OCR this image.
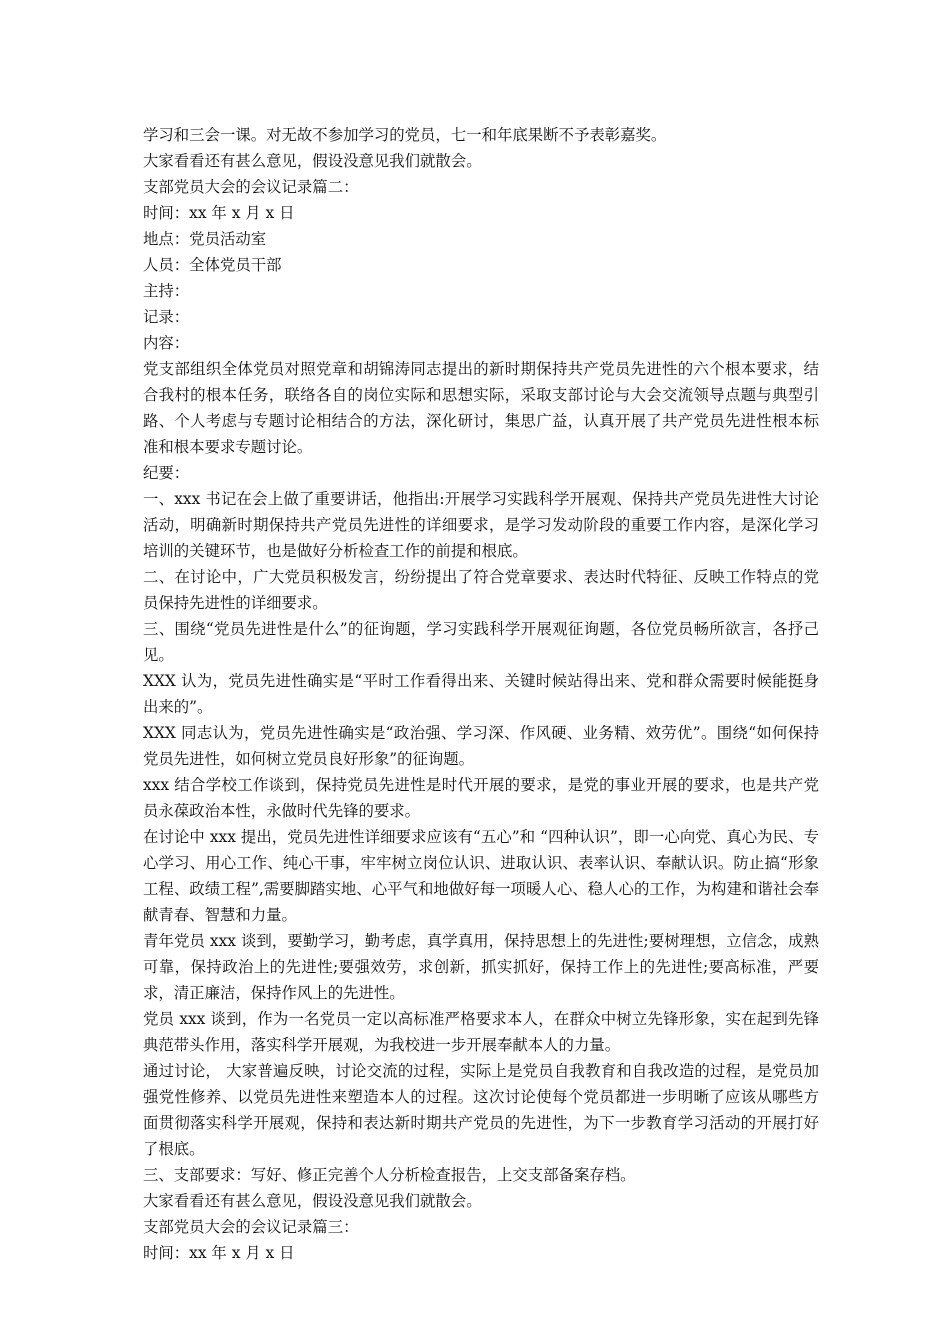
学习和三会一课。对无故不参加学习的党员，七一和年底果断不予表彰嘉奖。

大家看看还有甚么意见，假设没意见我们就散会。

支部党员大会的会议记录篇二：

时间：xx 年 x 月 x 日

地点：党员活动室

人员：全体党员干部

主持：

记录：

内容：

党支部组织全体党员对照党章和胡锦涛同志提出的新时期保持共产党员先进性的六个根本要求，结合我村的根本任务，联络各自的岗位实际和思想实际，采取支部讨论与大会交流领导点题与典型引路、个人考虑与专题讨论相结合的方法，深化研讨，集思广益，认真开展了共产党员先进性根本标准和根本要求专题讨论。

纪要：

一、xxx 书记在会上做了重要讲话，他指出:开展学习实践科学开展观、保持共产党员先进性大讨论活动，明确新时期保持共产党员先进性的详细要求，是学习发动阶段的重要工作内容，是深化学习培训的关键环节，也是做好分析检查工作的前提和根底。

二、在讨论中，广大党员积极发言，纷纷提出了符合党章要求、表达时代特征、反映工作特点的党员保持先进性的详细要求。

三、围绕“党员先进性是什么”的征询题，学习实践科学开展观征询题，各位党员畅所欲言，各抒己见。

XXX 认为，党员先进性确实是“平时工作看得出来、关键时候站得出来、党和群众需要时候能挺身出来的”。

XXX 同志认为，党员先进性确实是“政治强、学习深、作风硬、业务精、效劳优”。围绕“如何保持党员先进性，如何树立党员良好形象”的征询题。

xxx 结合学校工作谈到，保持党员先进性是时代开展的要求，是党的事业开展的要求，也是共产党员永葆政治本性，永做时代先锋的要求。

在讨论中 xxx 提出，党员先进性详细要求应该有“五心”和 “四种认识”，即一心向党、真心为民、专心学习、用心工作、纯心干事，牢牢树立岗位认识、进取认识、表率认识、奉献认识。防止搞“形象工程、政绩工程”,需要脚踏实地、心平气和地做好每一项暖人心、稳人心的工作，为构建和谐社会奉献青春、智慧和力量。

青年党员 xxx 谈到，要勤学习，勤考虑，真学真用，保持思想上的先进性;要树理想，立信念，成熟可靠，保持政治上的先进性;要强效劳，求创新，抓实抓好，保持工作上的先进性;要高标准，严要求，清正廉洁，保持作风上的先进性。

党员 xxx 谈到，作为一名党员一定以高标准严格要求本人，在群众中树立先锋形象，实在起到先锋典范带头作用，落实科学开展观，为我校进一步开展奉献本人的力量。

通过讨论， 大家普遍反映，讨论交流的过程，实际上是党员自我教育和自我改造的过程，是党员加强党性修养、以党员先进性来塑造本人的过程。这次讨论使每个党员都进一步明晰了应该从哪些方面贯彻落实科学开展观，保持和表达新时期共产党员的先进性，为下一步教育学习活动的开展打好了根底。

三、支部要求：写好、修正完善个人分析检查报告，上交支部备案存档。

大家看看还有甚么意见，假设没意见我们就散会。

支部党员大会的会议记录篇三：

时间：xx 年 x 月 x 日
